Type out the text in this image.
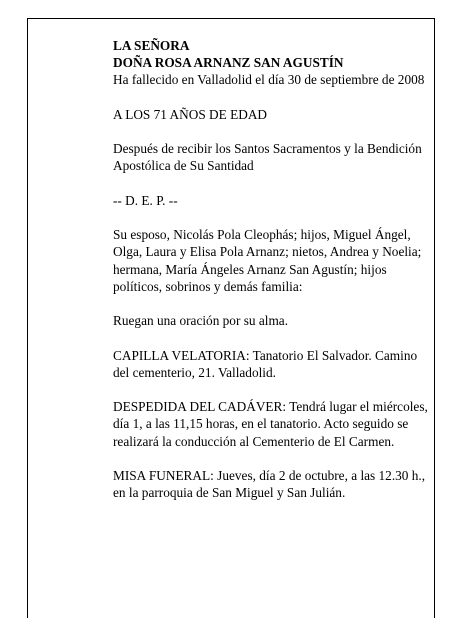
LA SEÑORA
DOÑA ROSA ARNANZ SAN AGUSTÍN
Ha fallecido en Valladolid el día 30 de septiembre de 2008

A LOS 71 AÑOS DE EDAD

Después de recibir los Santos Sacramentos y la Bendición Apostólica de Su Santidad

-- D. E. P. --

Su esposo, Nicolás Pola Cleophás; hijos, Miguel Ángel, Olga, Laura y Elisa Pola Arnanz; nietos, Andrea y Noelia; hermana, María Ángeles Arnanz San Agustín; hijos políticos, sobrinos y demás familia:

Ruegan una oración por su alma.

CAPILLA VELATORIA: Tanatorio El Salvador. Camino del cementerio, 21. Valladolid.

DESPEDIDA DEL CADÁVER: Tendrá lugar el miércoles, día 1, a las 11,15 horas, en el tanatorio. Acto seguido se realizará la conducción al Cementerio de El Carmen.

MISA FUNERAL: Jueves, día 2 de octubre, a las 12.30 h., en la parroquia de San Miguel y San Julián.
